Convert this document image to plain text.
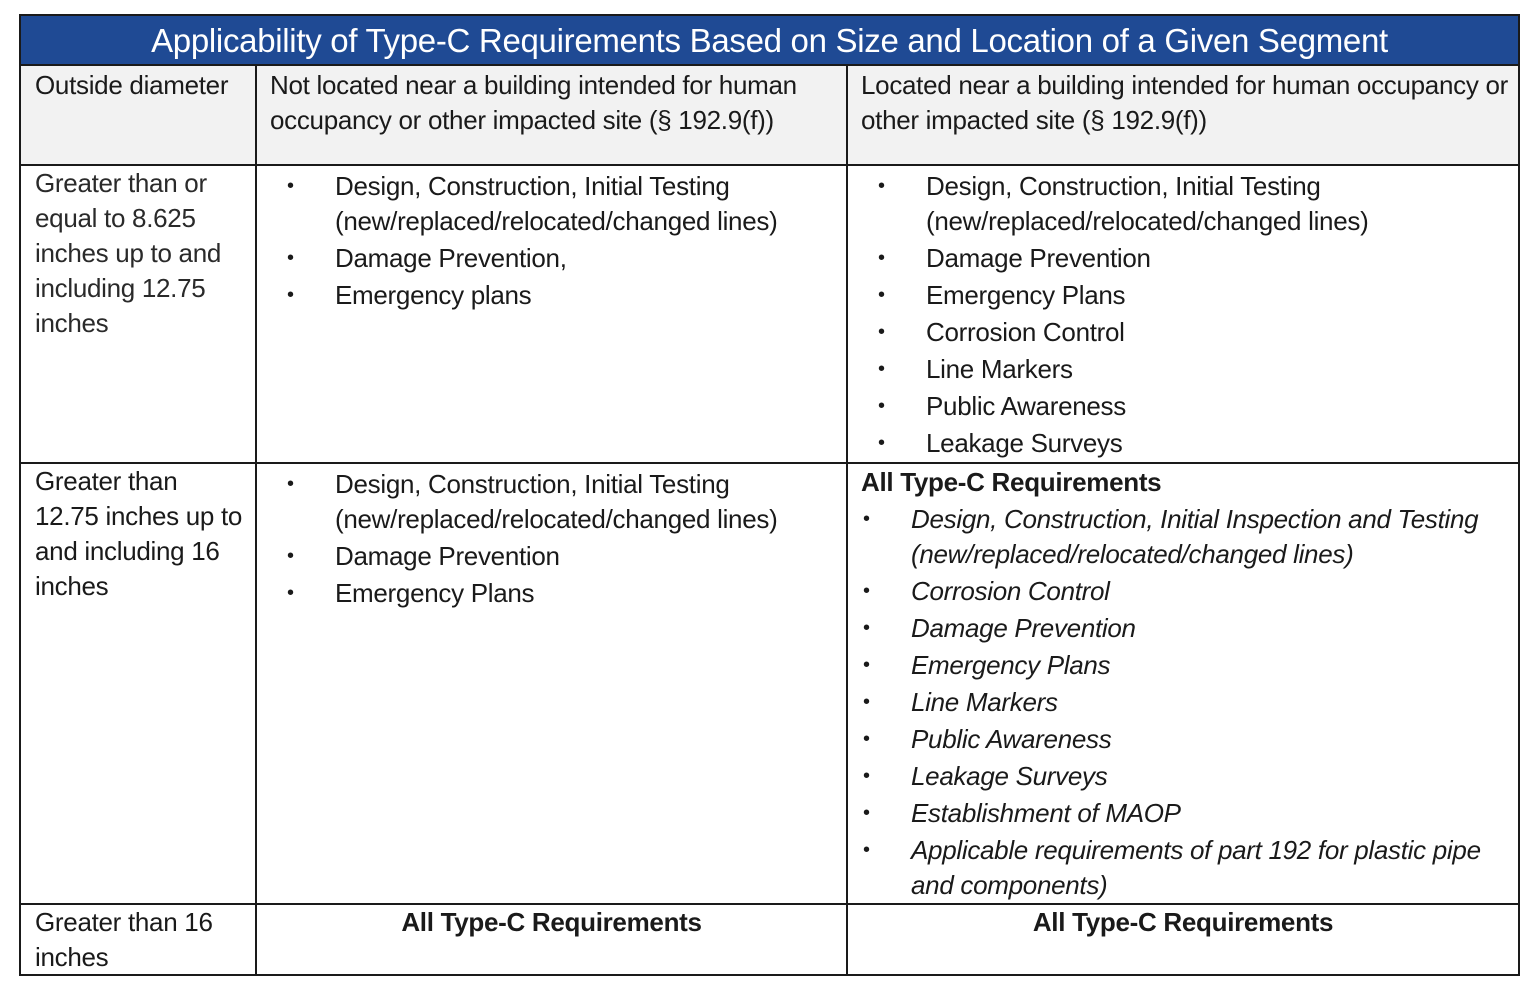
Applicability of Type-C Requirements Based on Size and Location of a Given Segment
Outside diameter	Not located near a building intended for human occupancy or other impacted site (§ 192.9(f))
Located near a building intended for human occupancy or other impacted site (§ 192.9(f))
Greater than or equal to 8.625 inches up to and including 12.75 inches
• Design, Construction, Initial Testing (new/replaced/relocated/changed lines)
• Damage Prevention,
• Emergency plans
• Design, Construction, Initial Testing (new/replaced/relocated/changed lines)
• Damage Prevention
• Emergency Plans
• Corrosion Control
• Line Markers
• Public Awareness
• Leakage Surveys
Greater than 12.75 inches up to and including 16 inches
• Design, Construction, Initial Testing (new/replaced/relocated/changed lines)
• Damage Prevention
• Emergency Plans
All Type-C Requirements
• Design, Construction, Initial Inspection and Testing (new/replaced/relocated/changed lines)
• Corrosion Control
• Damage Prevention
• Emergency Plans
• Line Markers
• Public Awareness
• Leakage Surveys
• Establishment of MAOP
• Applicable requirements of part 192 for plastic pipe and components)
Greater than 16 inches
All Type-C Requirements	All Type-C Requirements
